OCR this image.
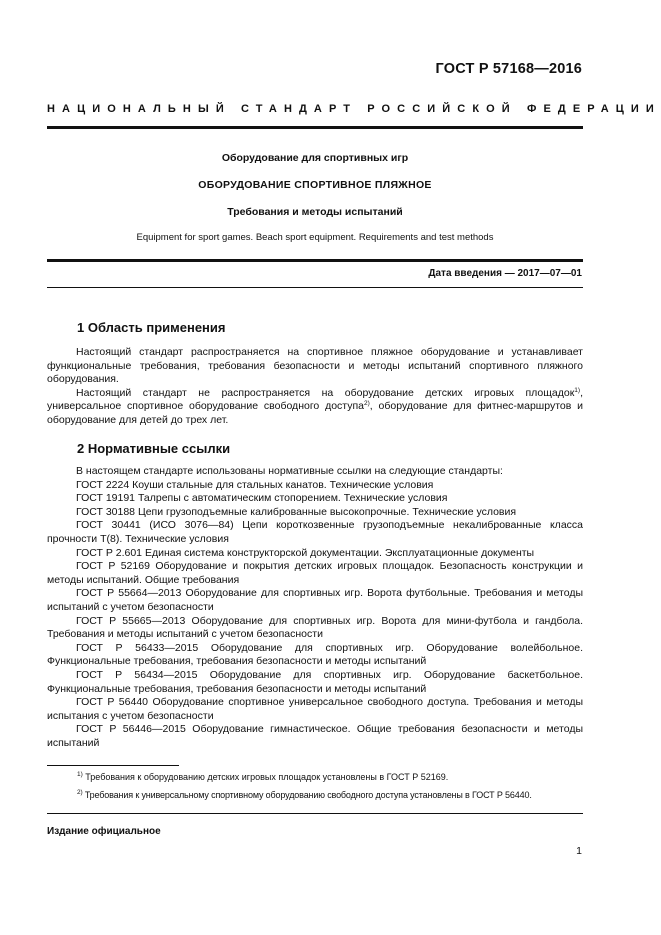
ГОСТ Р 57168—2016
НАЦИОНАЛЬНЫЙ СТАНДАРТ РОССИЙСКОЙ ФЕДЕРАЦИИ
Оборудование для спортивных игр
ОБОРУДОВАНИЕ СПОРТИВНОЕ ПЛЯЖНОЕ
Требования и методы испытаний
Equipment for sport games. Beach sport equipment. Requirements and test methods
Дата введения — 2017—07—01
1 Область применения

Настоящий стандарт распространяется на спортивное пляжное оборудование и устанавливает функциональные требования, требования безопасности и методы испытаний спортивного пляжного оборудования.

Настоящий стандарт не распространяется на оборудование детских игровых площадок$^{1)}$, универсальное спортивное оборудование свободного доступа$^{2)}$, оборудование для фитнес-маршрутов и оборудование для детей до трех лет.

2 Нормативные ссылки

В настоящем стандарте использованы нормативные ссылки на следующие стандарты:

ГОСТ 2224 Коуши стальные для стальных канатов. Технические условия

ГОСТ 19191 Талрепы с автоматическим стопорением. Технические условия

ГОСТ 30188 Цепи грузоподъемные калиброванные высокопрочные. Технические условия

ГОСТ 30441 (ИСО 3076—84) Цепи короткозвенные грузоподъемные некалиброванные класса прочности Т(8). Технические условия

ГОСТ Р 2.601 Единая система конструкторской документации. Эксплуатационные документы

ГОСТ Р 52169 Оборудование и покрытия детских игровых площадок. Безопасность конструкции и методы испытаний. Общие требования

ГОСТ Р 55664—2013 Оборудование для спортивных игр. Ворота футбольные. Требования и методы испытаний с учетом безопасности

ГОСТ Р 55665—2013 Оборудование для спортивных игр. Ворота для мини-футбола и гандбола. Требования и методы испытаний с учетом безопасности

ГОСТ Р 56433—2015 Оборудование для спортивных игр. Оборудование волейбольное. Функциональные требования, требования безопасности и методы испытаний

ГОСТ Р 56434—2015 Оборудование для спортивных игр. Оборудование баскетбольное. Функциональные требования, требования безопасности и методы испытаний

ГОСТ Р 56440 Оборудование спортивное универсальное свободного доступа. Требования и методы испытания с учетом безопасности

ГОСТ Р 56446—2015 Оборудование гимнастическое. Общие требования безопасности и методы испытаний

$^{1)}$ Требования к оборудованию детских игровых площадок установлены в ГОСТ Р 52169.
$^{2)}$ Требования к универсальному спортивному оборудованию свободного доступа установлены в ГОСТ Р 56440.
Издание официальное
1
